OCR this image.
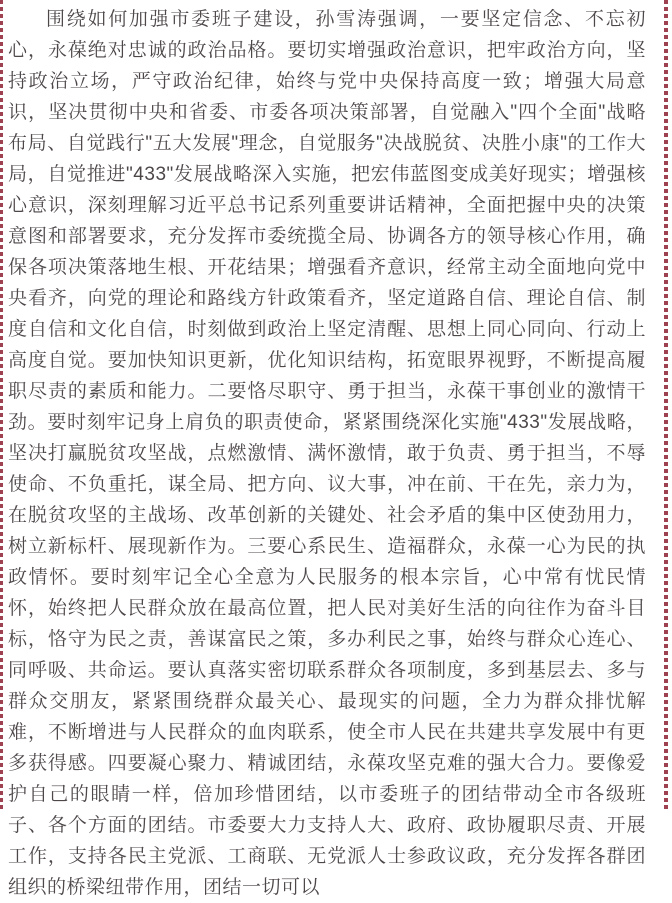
围绕如何加强市委班子建设，孙雪涛强调，一要坚定信念、不忘初心，永葆绝对忠诚的政治品格。要切实增强政治意识，把牢政治方向，坚持政治立场，严守政治纪律，始终与党中央保持高度一致；增强大局意识，坚决贯彻中央和省委、市委各项决策部署，自觉融入"四个全面"战略布局、自觉践行"五大发展"理念，自觉服务"决战脱贫、决胜小康"的工作大局，自觉推进"433"发展战略深入实施，把宏伟蓝图变成美好现实；增强核心意识，深刻理解习近平总书记系列重要讲话精神，全面把握中央的决策意图和部署要求，充分发挥市委统揽全局、协调各方的领导核心作用，确保各项决策落地生根、开花结果；增强看齐意识，经常主动全面地向党中央看齐，向党的理论和路线方针政策看齐，坚定道路自信、理论自信、制度自信和文化自信，时刻做到政治上坚定清醒、思想上同心同向、行动上高度自觉。要加快知识更新，优化知识结构，拓宽眼界视野，不断提高履职尽责的素质和能力。二要恪尽职守、勇于担当，永葆干事创业的激情干劲。要时刻牢记身上肩负的职责使命，紧紧围绕深化实施"433"发展战略，坚决打赢脱贫攻坚战，点燃激情、满怀激情，敢于负责、勇于担当，不辱使命、不负重托，谋全局、把方向、议大事，冲在前、干在先，亲力为，在脱贫攻坚的主战场、改革创新的关键处、社会矛盾的集中区使劲用力，树立新标杆、展现新作为。三要心系民生、造福群众，永葆一心为民的执政情怀。要时刻牢记全心全意为人民服务的根本宗旨，心中常有忧民情怀，始终把人民群众放在最高位置，把人民对美好生活的向往作为奋斗目标，恪守为民之责，善谋富民之策，多办利民之事，始终与群众心连心、同呼吸、共命运。要认真落实密切联系群众各项制度，多到基层去、多与群众交朋友，紧紧围绕群众最关心、最现实的问题，全力为群众排忧解难，不断增进与人民群众的血肉联系，使全市人民在共建共享发展中有更多获得感。四要凝心聚力、精诚团结，永葆攻坚克难的强大合力。要像爱护自己的眼睛一样，倍加珍惜团结，以市委班子的团结带动全市各级班子、各个方面的团结。市委要大力支持人大、政府、政协履职尽责、开展工作，支持各民主党派、工商联、无党派人士参政议政，充分发挥各群团组织的桥梁纽带作用，团结一切可以
